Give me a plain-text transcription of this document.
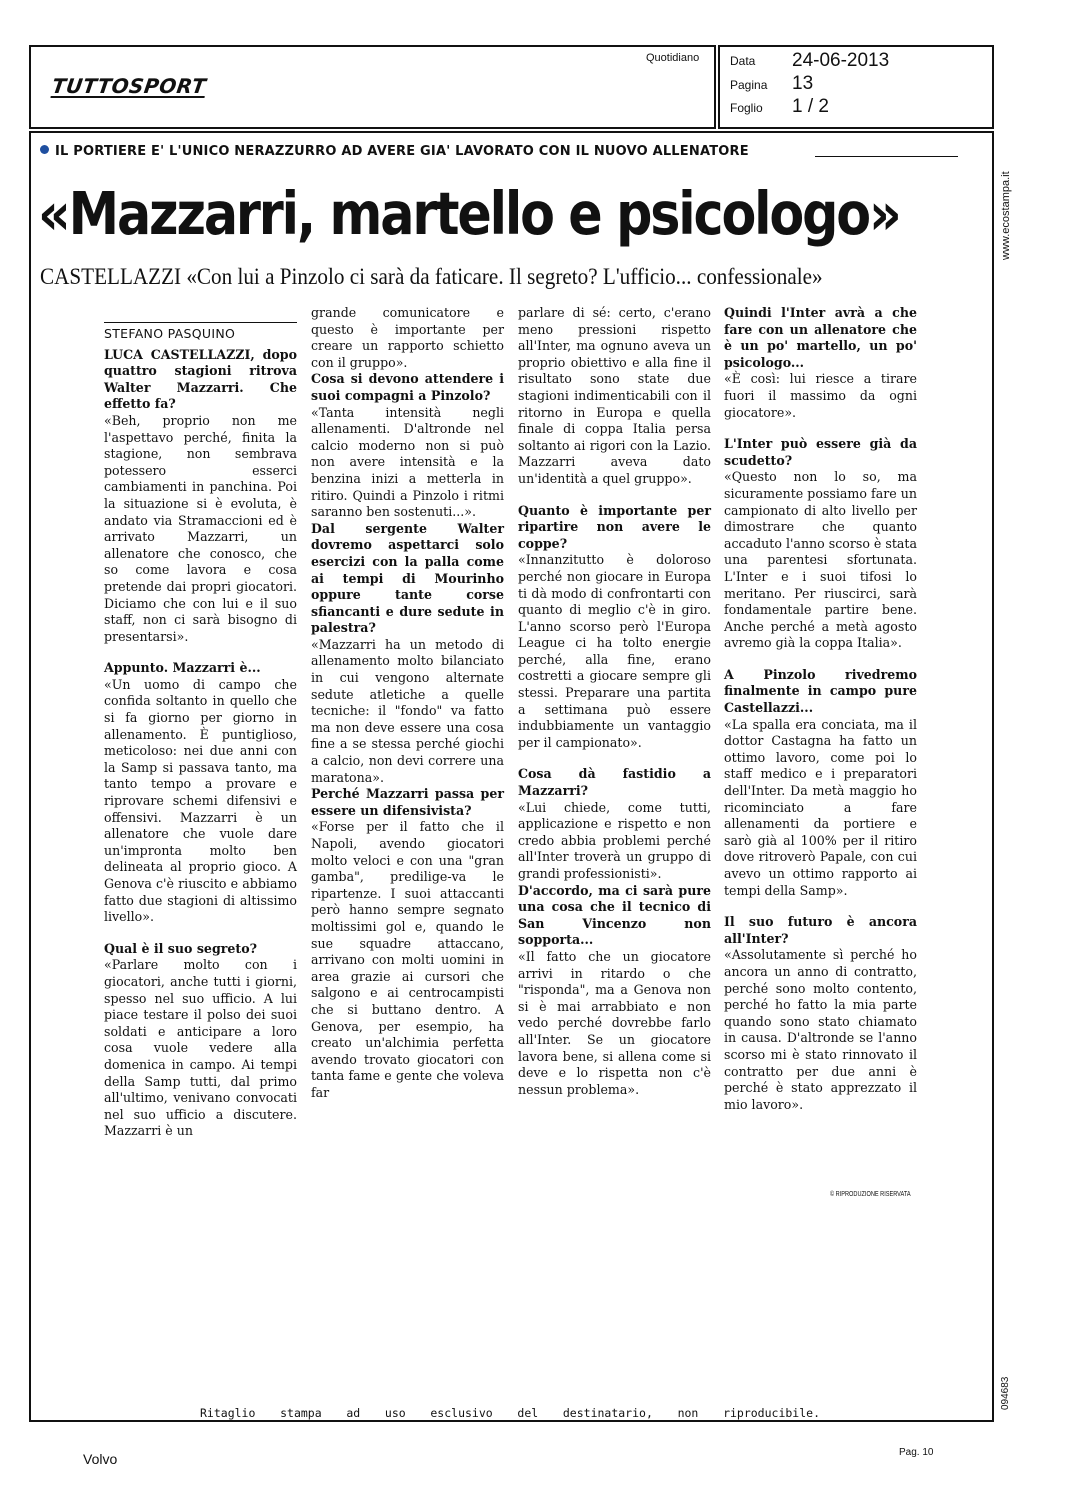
TUTTOSPORT
Quotidiano	Data 24-06-2013
Pagina 13
Foglio 1 / 2
IL PORTIERE E' L'UNICO NERAZZURRO AD AVERE GIA' LAVORATO CON IL NUOVO ALLENATORE
«Mazzarri, martello e psicologo»
CASTELLAZZI «Con lui a Pinzolo ci sarà da faticare. Il segreto? L'ufficio... confessionale»

STEFANO PASQUINO

LUCA CASTELLAZZI, dopo quattro stagioni ritrova Walter Mazzarri. Che effetto fa?

«Beh, proprio non me l'aspettavo perché, finita la stagione, non sembrava potessero esserci cambiamenti in panchina. Poi la situazione si è evoluta, è andato via Stramaccioni ed è arrivato Mazzarri, un allenatore che conosco, che so come lavora e cosa pretende dai propri giocatori. Diciamo che con lui e il suo staff, non ci sarà bisogno di presentarsi».

Appunto. Mazzarri è...

«Un uomo di campo che confida soltanto in quello che si fa giorno per giorno in allenamento. È puntiglioso, meticoloso: nei due anni con la Samp si passava tanto, ma tanto tempo a provare e riprovare schemi difensivi e offensivi. Mazzarri è un allenatore che vuole dare un'impronta molto ben delineata al proprio gioco. A Genova c'è riuscito e abbiamo fatto due stagioni di altissimo livello».

Qual è il suo segreto?

«Parlare molto con i giocatori, anche tutti i giorni, spesso nel suo ufficio. A lui piace testare il polso dei suoi soldati e anticipare a loro cosa vuole vedere alla domenica in campo. Ai tempi della Samp tutti, dal primo all'ultimo, venivano convocati nel suo ufficio a discutere. Mazzarri è un

grande comunicatore e questo è importante per creare un rapporto schietto con il gruppo».

Cosa si devono attendere i suoi compagni a Pinzolo?

«Tanta intensità negli allenamenti. D'altronde nel calcio moderno non si può non avere intensità e la benzina inizi a metterla in ritiro. Quindi a Pinzolo i ritmi saranno ben sostenuti...».

Dal sergente Walter dovremo aspettarci solo esercizi con la palla come ai tempi di Mourinho oppure tante corse sfiancanti e dure sedute in palestra?

«Mazzarri ha un metodo di allenamento molto bilanciato in cui vengono alternate sedute atletiche a quelle tecniche: il "fondo" va fatto ma non deve essere una cosa fine a se stessa perché giochi a calcio, non devi correre una maratona».

Perché Mazzarri passa per essere un difensivista?

«Forse per il fatto che il Napoli, avendo giocatori molto veloci e con una "gran gamba", predilige-va le ripartenze. I suoi attaccanti però hanno sempre segnato moltissimi gol e, quando le sue squadre attaccano, arrivano con molti uomini in area grazie ai cursori che salgono e ai centrocampisti che si buttano dentro. A Genova, per esempio, ha creato un'alchimia perfetta avendo trovato giocatori con tanta fame e gente che voleva far

parlare di sé: certo, c'erano meno pressioni rispetto all'Inter, ma ognuno aveva un proprio obiettivo e alla fine il risultato sono state due stagioni indimenticabili con il ritorno in Europa e quella finale di coppa Italia persa soltanto ai rigori con la Lazio. Mazzarri aveva dato un'identità a quel gruppo».

Quanto è importante per ripartire non avere le coppe?

«Innanzitutto è doloroso perché non giocare in Europa ti dà modo di confrontarti con quanto di meglio c'è in giro. L'anno scorso però l'Europa League ci ha tolto energie perché, alla fine, erano costretti a giocare sempre gli stessi. Preparare una partita a settimana può essere indubbiamente un vantaggio per il campionato».

Cosa dà fastidio a Mazzarri?

«Lui chiede, come tutti, applicazione e rispetto e non credo abbia problemi perché all'Inter troverà un gruppo di grandi professionisti».

D'accordo, ma ci sarà pure una cosa che il tecnico di San Vincenzo non sopporta...

«Il fatto che un giocatore arrivi in ritardo o che "risponda", ma a Genova non si è mai arrabbiato e non vedo perché dovrebbe farlo all'Inter. Se un giocatore lavora bene, si allena come si deve e lo rispetta non c'è nessun problema».

Quindi l'Inter avrà a che fare con un allenatore che è un po' martello, un po' psicologo...

«È così: lui riesce a tirare fuori il massimo da ogni giocatore».

L'Inter può essere già da scudetto?

«Questo non lo so, ma sicuramente possiamo fare un campionato di alto livello per dimostrare che quanto accaduto l'anno scorso è stata una parentesi sfortunata. L'Inter e i suoi tifosi lo meritano. Per riuscirci, sarà fondamentale partire bene. Anche perché a metà agosto avremo già la coppa Italia».

A Pinzolo rivedremo finalmente in campo pure Castellazzi...

«La spalla era conciata, ma il dottor Castagna ha fatto un ottimo lavoro, come poi lo staff medico e i preparatori dell'Inter. Da metà maggio ho ricominciato a fare allenamenti da portiere e sarò già al 100% per il ritiro dove ritroverò Papale, con cui avevo un ottimo rapporto ai tempi della Samp».

Il suo futuro è ancora all'Inter?

«Assolutamente sì perché ho ancora un anno di contratto, perché sono molto contento, perché ho fatto la mia parte quando sono stato chiamato in causa. D'altronde se l'anno scorso mi è stato rinnovato il contratto per due anni è perché è stato apprezzato il mio lavoro».

© RIPRODUZIONE RISERVATA
www.ecostampa.it
094683
Ritaglio stampa ad uso esclusivo del destinatario, non riproducibile.
Volvo	Pag. 10
